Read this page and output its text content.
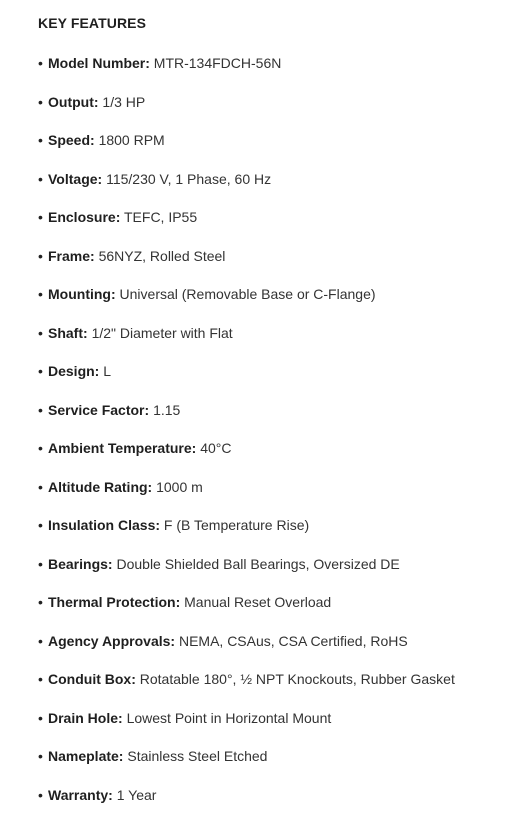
KEY FEATURES
• Model Number: MTR-134FDCH-56N
• Output: 1/3 HP
• Speed: 1800 RPM
• Voltage: 115/230 V, 1 Phase, 60 Hz
• Enclosure: TEFC, IP55
• Frame: 56NYZ, Rolled Steel
• Mounting: Universal (Removable Base or C-Flange)
• Shaft: 1/2" Diameter with Flat
• Design: L
• Service Factor: 1.15
• Ambient Temperature: 40°C
• Altitude Rating: 1000 m
• Insulation Class: F (B Temperature Rise)
• Bearings: Double Shielded Ball Bearings, Oversized DE
• Thermal Protection: Manual Reset Overload
• Agency Approvals: NEMA, CSAus, CSA Certified, RoHS
• Conduit Box: Rotatable 180°, ½ NPT Knockouts, Rubber Gasket
• Drain Hole: Lowest Point in Horizontal Mount
• Nameplate: Stainless Steel Etched
• Warranty: 1 Year
